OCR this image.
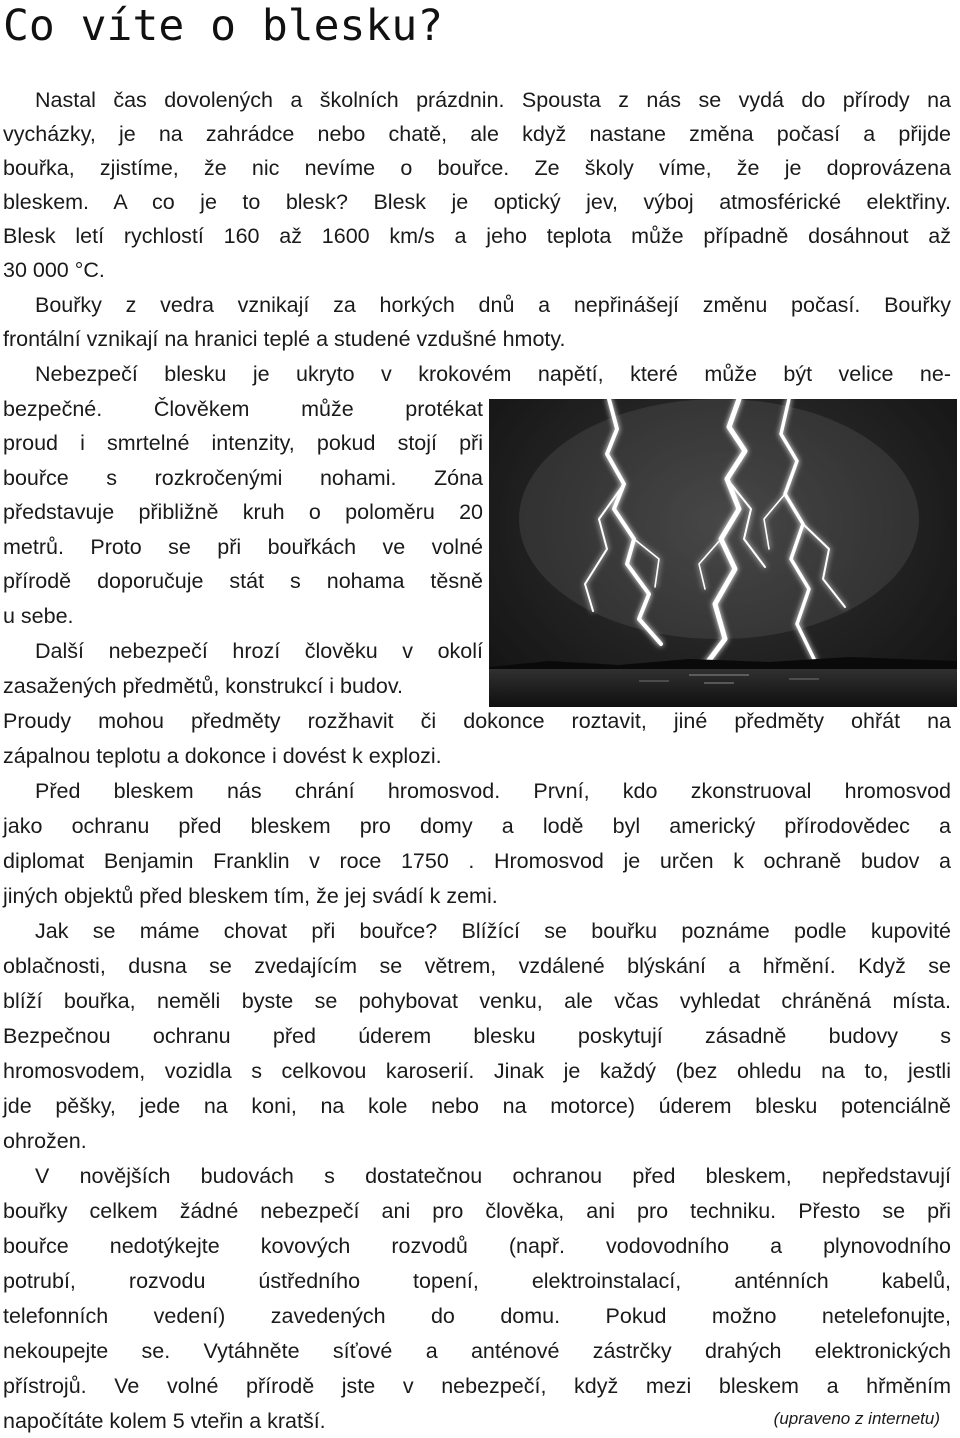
Co víte o blesku?

Nastal čas dovolených a školních prázdnin. Spousta z nás se vydá do přírody na

vycházky, je na zahrádce nebo chatě, ale když nastane změna počasí a přijde

bouřka, zjistíme, že nic nevíme o bouřce. Ze školy víme, že je doprovázena

bleskem. A co je to blesk? Blesk je optický jev, výboj atmosférické elektřiny.

Blesk letí rychlostí 160 až 1600 km/s a jeho teplota může případně dosáhnout až

30 000 °C.

Bouřky z vedra vznikají za horkých dnů a nepřinášejí změnu počasí. Bouřky

frontální vznikají na hranici teplé a studené vzdušné hmoty.

Nebezpečí blesku je ukryto v krokovém napětí, které může být velice ne-

bezpečné. Člověkem může protékat

proud i smrtelné intenzity, pokud stojí při

bouřce s rozkročenými nohami. Zóna

představuje přibližně kruh o poloměru 20

metrů. Proto se při bouřkách ve volné

přírodě doporučuje stát s nohama těsně

u sebe.

Další nebezpečí hrozí člověku v okolí

zasažených předmětů, konstrukcí i budov.

Proudy mohou předměty rozžhavit či dokonce roztavit, jiné předměty ohřát na

zápalnou teplotu a dokonce i dovést k explozi.

Před bleskem nás chrání hromosvod. První, kdo zkonstruoval hromosvod

jako ochranu před bleskem pro domy a lodě byl americký přírodovědec a

diplomat Benjamin Franklin v roce 1750 . Hromosvod je určen k ochraně budov a

jiných objektů před bleskem tím, že jej svádí k zemi.

Jak se máme chovat při bouřce? Blížící se bouřku poznáme podle kupovité

oblačnosti, dusna se zvedajícím se větrem, vzdálené blýskání a hřmění. Když se

blíží bouřka, neměli byste se pohybovat venku, ale včas vyhledat chráněná místa.

Bezpečnou ochranu před úderem blesku poskytují zásadně budovy s

hromosvodem, vozidla s celkovou karoserií. Jinak je každý (bez ohledu na to, jestli

jde pěšky, jede na koni, na kole nebo na motorce) úderem blesku potenciálně

ohrožen.

V novějších budovách s dostatečnou ochranou před bleskem, nepředstavují

bouřky celkem žádné nebezpečí ani pro člověka, ani pro techniku. Přesto se při

bouřce nedotýkejte kovových rozvodů (např. vodovodního a plynovodního

potrubí, rozvodu ústředního topení, elektroinstalací, anténních kabelů,

telefonních vedení) zavedených do domu. Pokud možno netelefonujte,

nekoupejte se. Vytáhněte síťové a anténové zástrčky drahých elektronických

přístrojů. Ve volné přírodě jste v nebezpečí, když mezi bleskem a hřměním

napočítáte kolem 5 vteřin a kratší.	(upraveno z internetu)
